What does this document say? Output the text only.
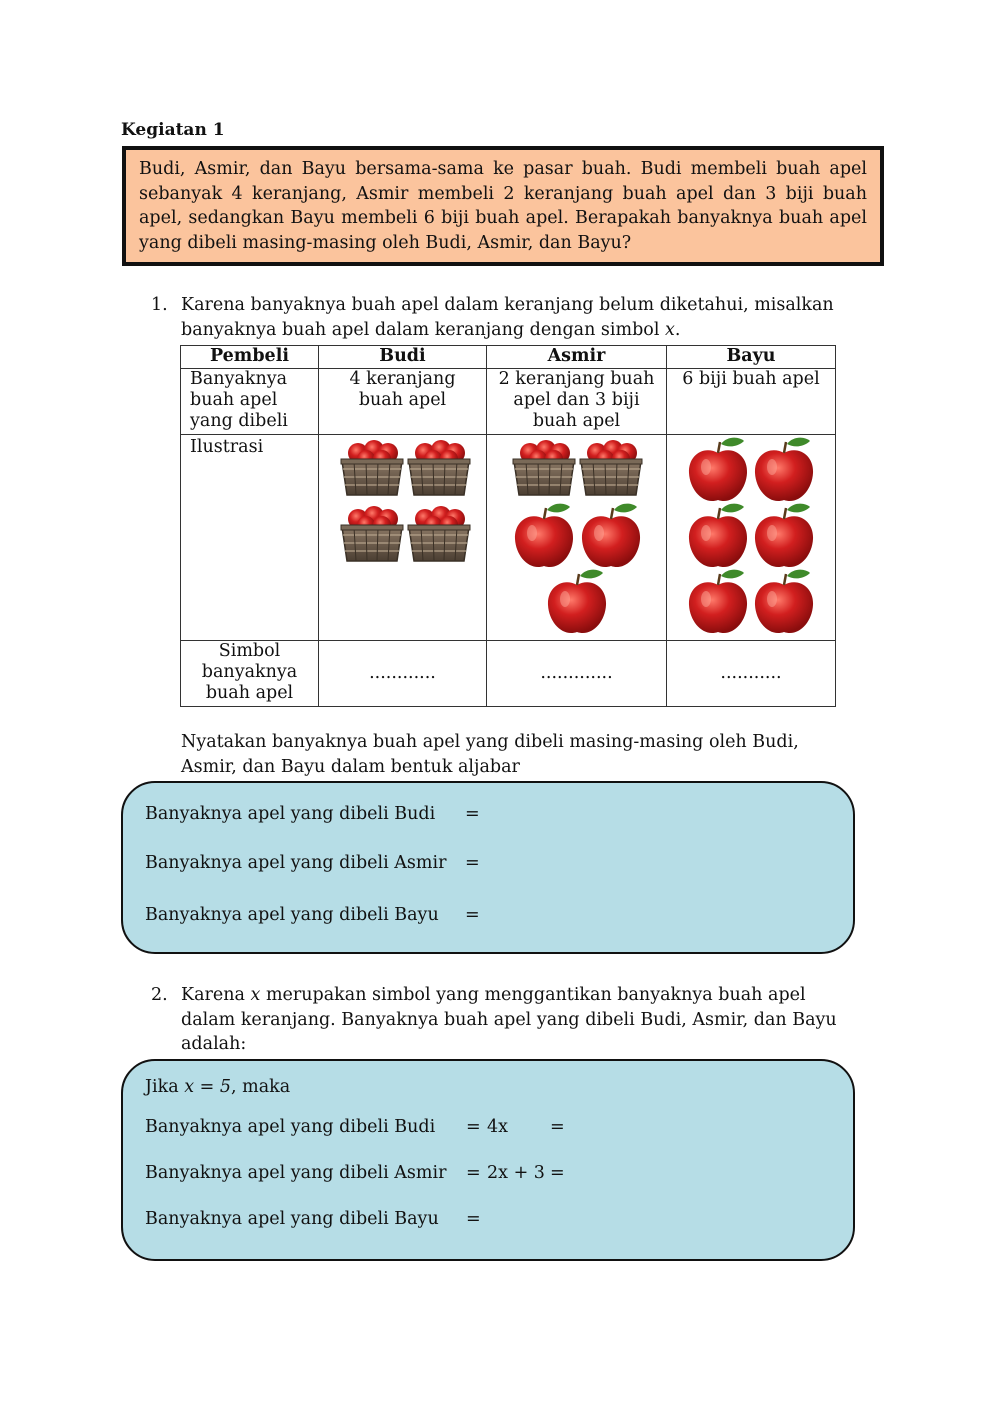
Kegiatan 1
Budi, Asmir, dan Bayu bersama-sama ke pasar buah. Budi membeli buah apel sebanyak 4 keranjang, Asmir membeli 2 keranjang buah apel dan 3 biji buah apel, sedangkan Bayu membeli 6 biji buah apel. Berapakah banyaknya buah apel yang dibeli masing-masing oleh Budi, Asmir, dan Bayu?
1. Karena banyaknya buah apel dalam keranjang belum diketahui, misalkan banyaknya buah apel dalam keranjang dengan simbol x.
Pembeli	Budi	Asmir	Bayu
Banyaknya buah apel yang dibeli	4 keranjang buah apel	2 keranjang buah apel dan 3 biji buah apel	6 biji buah apel
Ilustrasi	

Simbol banyaknya buah apel	............	.............	...........
Nyatakan banyaknya buah apel yang dibeli masing-masing oleh Budi, Asmir, dan Bayu dalam bentuk aljabar
Banyaknya apel yang dibeli Budi =
Banyaknya apel yang dibeli Asmir =
Banyaknya apel yang dibeli Bayu =
2. Karena x merupakan simbol yang menggantikan banyaknya buah apel dalam keranjang. Banyaknya buah apel yang dibeli Budi, Asmir, dan Bayu adalah:
Jika x = 5, maka
Banyaknya apel yang dibeli Budi = 4x =
Banyaknya apel yang dibeli Asmir = 2x + 3 =
Banyaknya apel yang dibeli Bayu =
